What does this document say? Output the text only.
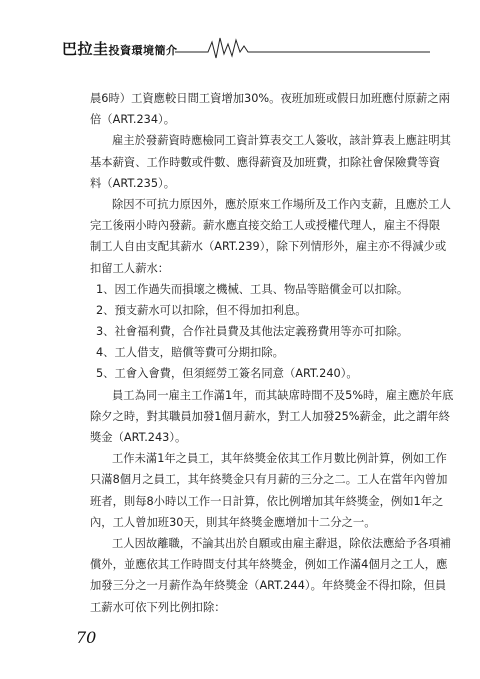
巴拉圭投資環境簡介
晨6時）工資應較日間工資增加30%。夜班加班或假日加班應付原薪之兩
倍（ART.234）。
雇主於發薪資時應檢同工資計算表交工人簽收，該計算表上應註明其
基本薪資、工作時數或件數、應得薪資及加班費，扣除社會保險費等資
料（ART.235）。
除因不可抗力原因外，應於原來工作場所及工作內支薪，且應於工人
完工後兩小時內發薪。薪水應直接交給工人或授權代理人，雇主不得限
制工人自由支配其薪水（ART.239），除下列情形外，雇主亦不得減少或
扣留工人薪水：
1、因工作過失而損壞之機械、工具、物品等賠償金可以扣除。
2、預支薪水可以扣除，但不得加扣利息。
3、社會福利費，合作社員費及其他法定義務費用等亦可扣除。
4、工人借支，賠償等費可分期扣除。
5、工會入會費，但須經勞工簽名同意（ART.240）。
員工為同一雇主工作滿1年，而其缺席時間不及5%時，雇主應於年底
除夕之時，對其職員加發1個月薪水，對工人加發25%薪金，此之謂年終
獎金（ART.243）。
工作未滿1年之員工，其年終獎金依其工作月數比例計算，例如工作
只滿8個月之員工，其年終獎金只有月薪的三分之二。工人在當年內曾加
班者，則每8小時以工作一日計算，依比例增加其年終獎金，例如1年之
內，工人曾加班30天，則其年終獎金應增加十二分之一。
工人因故離職，不論其出於自願或由雇主辭退，除依法應給予各項補
償外，並應依其工作時間支付其年終獎金，例如工作滿4個月之工人，應
加發三分之一月薪作為年終獎金（ART.244）。年終獎金不得扣除，但員
工薪水可依下列比例扣除：
70
